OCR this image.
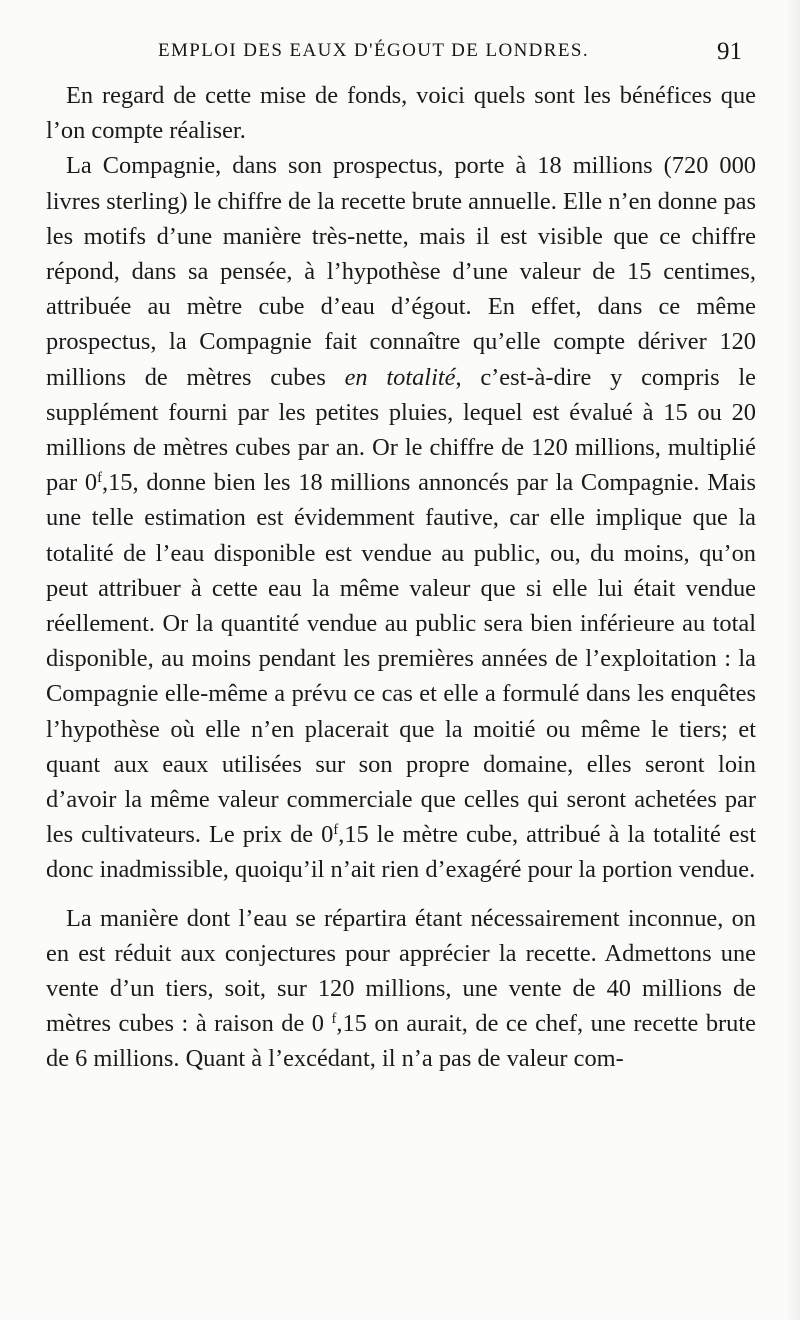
EMPLOI DES EAUX D'ÉGOUT DE LONDRES.	91

En regard de cette mise de fonds, voici quels sont les bénéfices que l’on compte réaliser.

La Compagnie, dans son prospectus, porte à 18 millions (720 000 livres sterling) le chiffre de la recette brute annuelle. Elle n’en donne pas les motifs d’une manière très-nette, mais il est visible que ce chiffre répond, dans sa pensée, à l’hypothèse d’une valeur de 15 centimes, attribuée au mètre cube d’eau d’égout. En effet, dans ce même prospectus, la Compagnie fait connaître qu’elle compte dériver 120 millions de mètres cubes en totalité, c’est-à-dire y compris le supplément fourni par les petites pluies, lequel est évalué à 15 ou 20 millions de mètres cubes par an. Or le chiffre de 120 millions, multiplié par 0$^f$,15, donne bien les 18 millions annoncés par la Compagnie. Mais une telle estimation est évidemment fautive, car elle implique que la totalité de l’eau disponible est vendue au public, ou, du moins, qu’on peut attribuer à cette eau la même valeur que si elle lui était vendue réellement. Or la quantité vendue au public sera bien inférieure au total disponible, au moins pendant les premières années de l’exploitation : la Compagnie elle-même a prévu ce cas et elle a formulé dans les enquêtes l’hypothèse où elle n’en placerait que la moitié ou même le tiers; et quant aux eaux utilisées sur son propre domaine, elles seront loin d’avoir la même valeur commerciale que celles qui seront achetées par les cultivateurs. Le prix de 0$^f$,15 le mètre cube, attribué à la totalité est donc inadmissible, quoiqu’il n’ait rien d’exagéré pour la portion vendue.

La manière dont l’eau se répartira étant nécessairement inconnue, on en est réduit aux conjectures pour apprécier la recette. Admettons une vente d’un tiers, soit, sur 120 millions, une vente de 40 millions de mètres cubes : à raison de 0 $^f$,15 on aurait, de ce chef, une recette brute de 6 millions. Quant à l’excédant, il n’a pas de valeur com-
